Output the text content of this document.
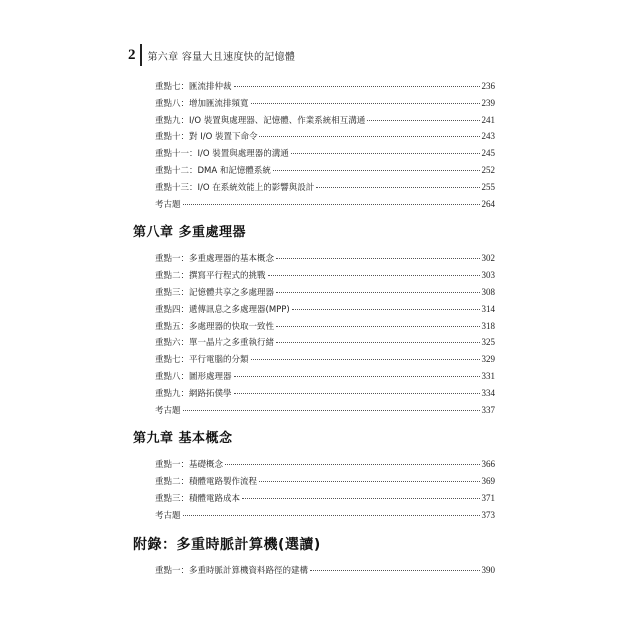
2	第六章 容量大且速度快的記憶體
重點七：匯流排仲裁	236
重點八：增加匯流排頻寬	239
重點九：I/O 裝置與處理器、記憶體、作業系統相互溝通	241
重點十：對 I/O 裝置下命令	243
重點十一：I/O 裝置與處理器的溝通	245
重點十二：DMA 和記憶體系統	252
重點十三：I/O 在系統效能上的影響與設計	255
考古題	264
第八章 多重處理器
重點一：多重處理器的基本概念	302
重點二：撰寫平行程式的挑戰	303
重點三：記憶體共享之多處理器	308
重點四：遞傳訊息之多處理器(MPP)	314
重點五：多處理器的快取一致性	318
重點六：單一晶片之多重執行緒	325
重點七：平行電腦的分類	329
重點八：圖形處理器	331
重點九：網路拓僕學	334
考古題	337
第九章 基本概念
重點一：基礎概念	366
重點二：積體電路製作流程	369
重點三：積體電路成本	371
考古題	373
附錄：多重時脈計算機(選讀)
重點一：多重時脈計算機資料路徑的建構	390
